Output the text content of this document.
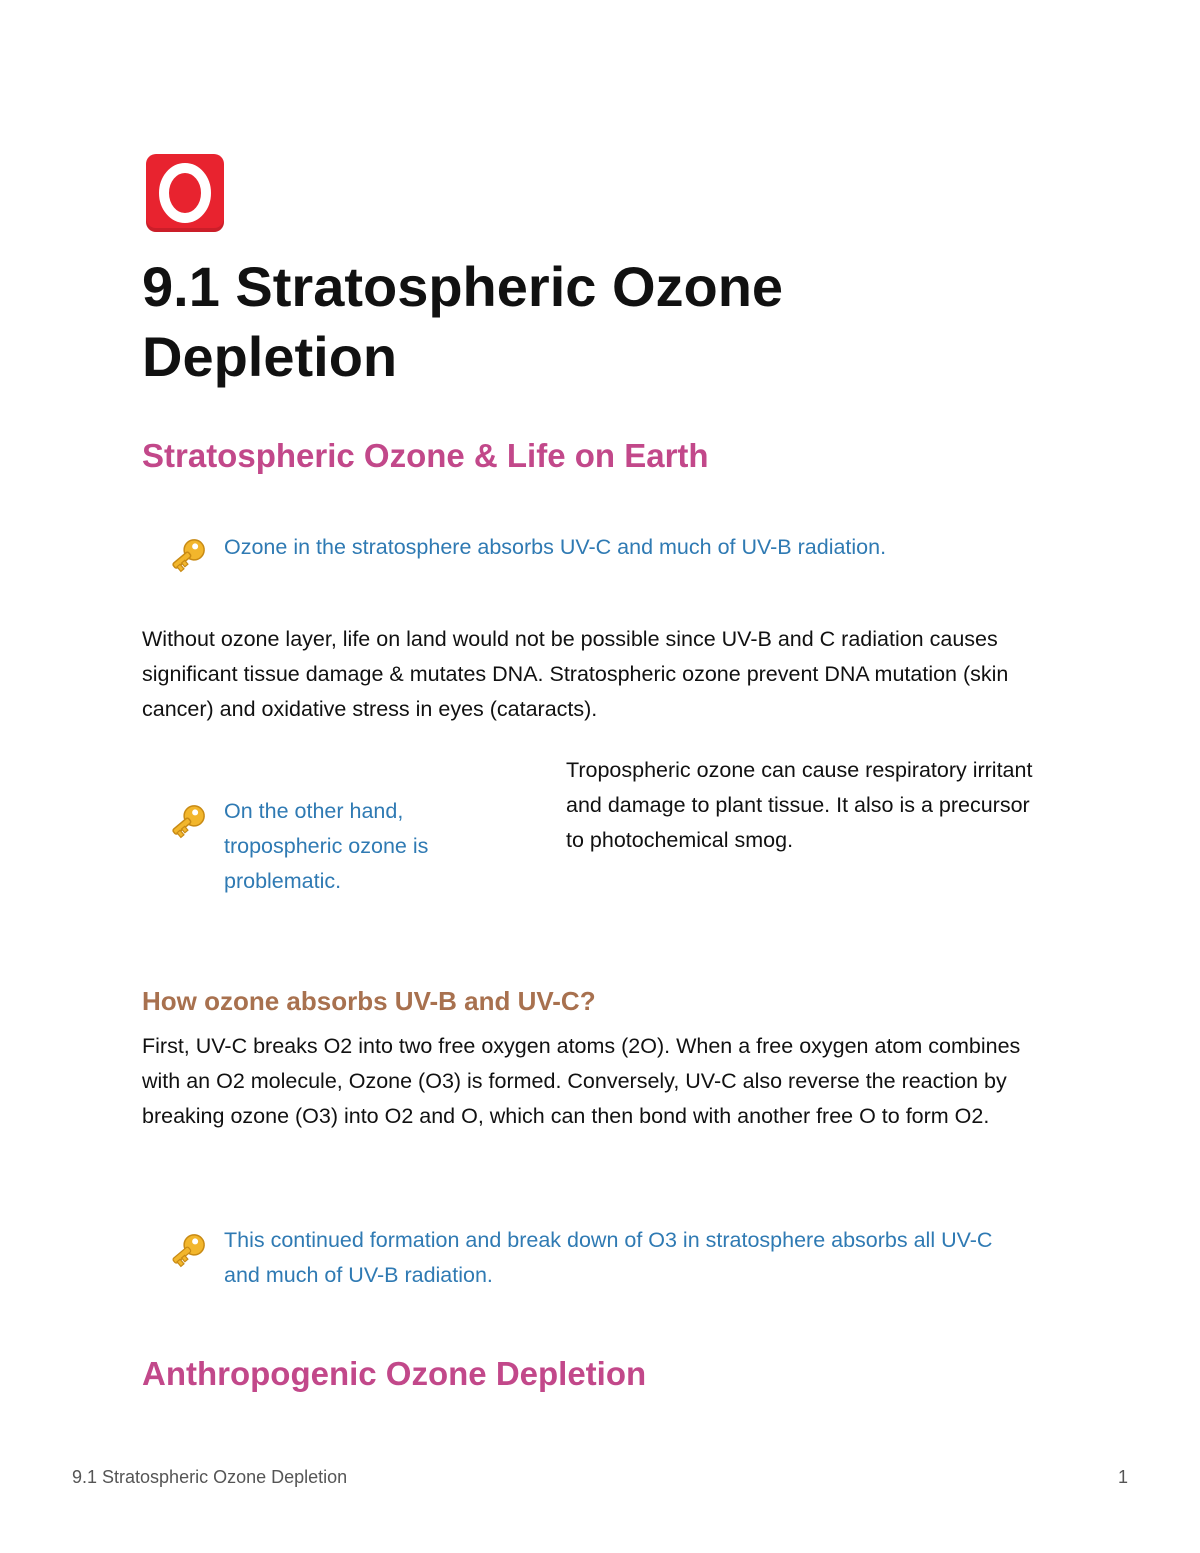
9.1 Stratospheric Ozone Depletion
Stratospheric Ozone & Life on Earth

Ozone in the stratosphere absorbs UV-C and much of UV-B radiation.

Without ozone layer, life on land would not be possible since UV-B and C radiation causes significant tissue damage & mutates DNA. Stratospheric ozone prevent DNA mutation (skin cancer) and oxidative stress in eyes (cataracts).

On the other hand, tropospheric ozone is problematic.

Tropospheric ozone can cause respiratory irritant and damage to plant tissue. It also is a precursor to photochemical smog.

How ozone absorbs UV-B and UV-C?

First, UV-C breaks O2 into two free oxygen atoms (2O). When a free oxygen atom combines with an O2 molecule, Ozone (O3) is formed. Conversely, UV-C also reverse the reaction by breaking ozone (O3) into O2 and O, which can then bond with another free O to form O2.

This continued formation and break down of O3 in stratosphere absorbs all UV-C and much of UV-B radiation.

Anthropogenic Ozone Depletion
9.1 Stratospheric Ozone Depletion	1
